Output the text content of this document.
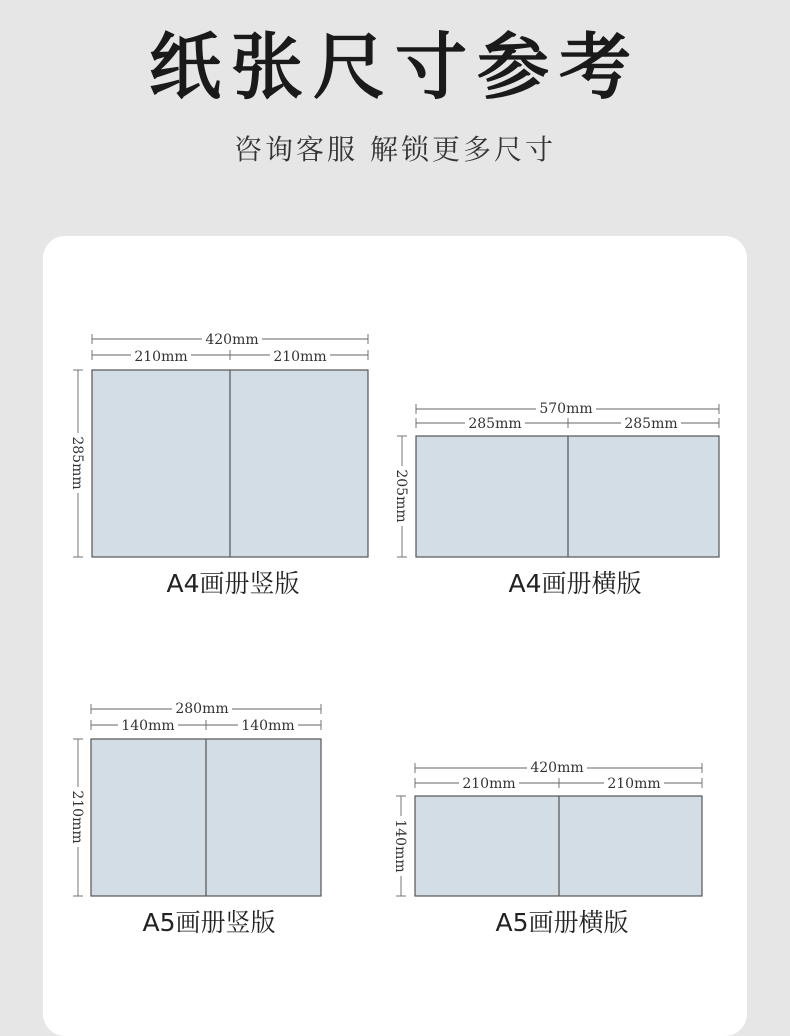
纸张尺寸参考
咨询客服 解锁更多尺寸
420mm
210mm	210mm
285mm
A4画册竖版
570mm
285mm	285mm
205mm
A4画册横版
280mm
140mm	140mm
210mm
A5画册竖版
420mm
210mm	210mm
140mm
A5画册横版
